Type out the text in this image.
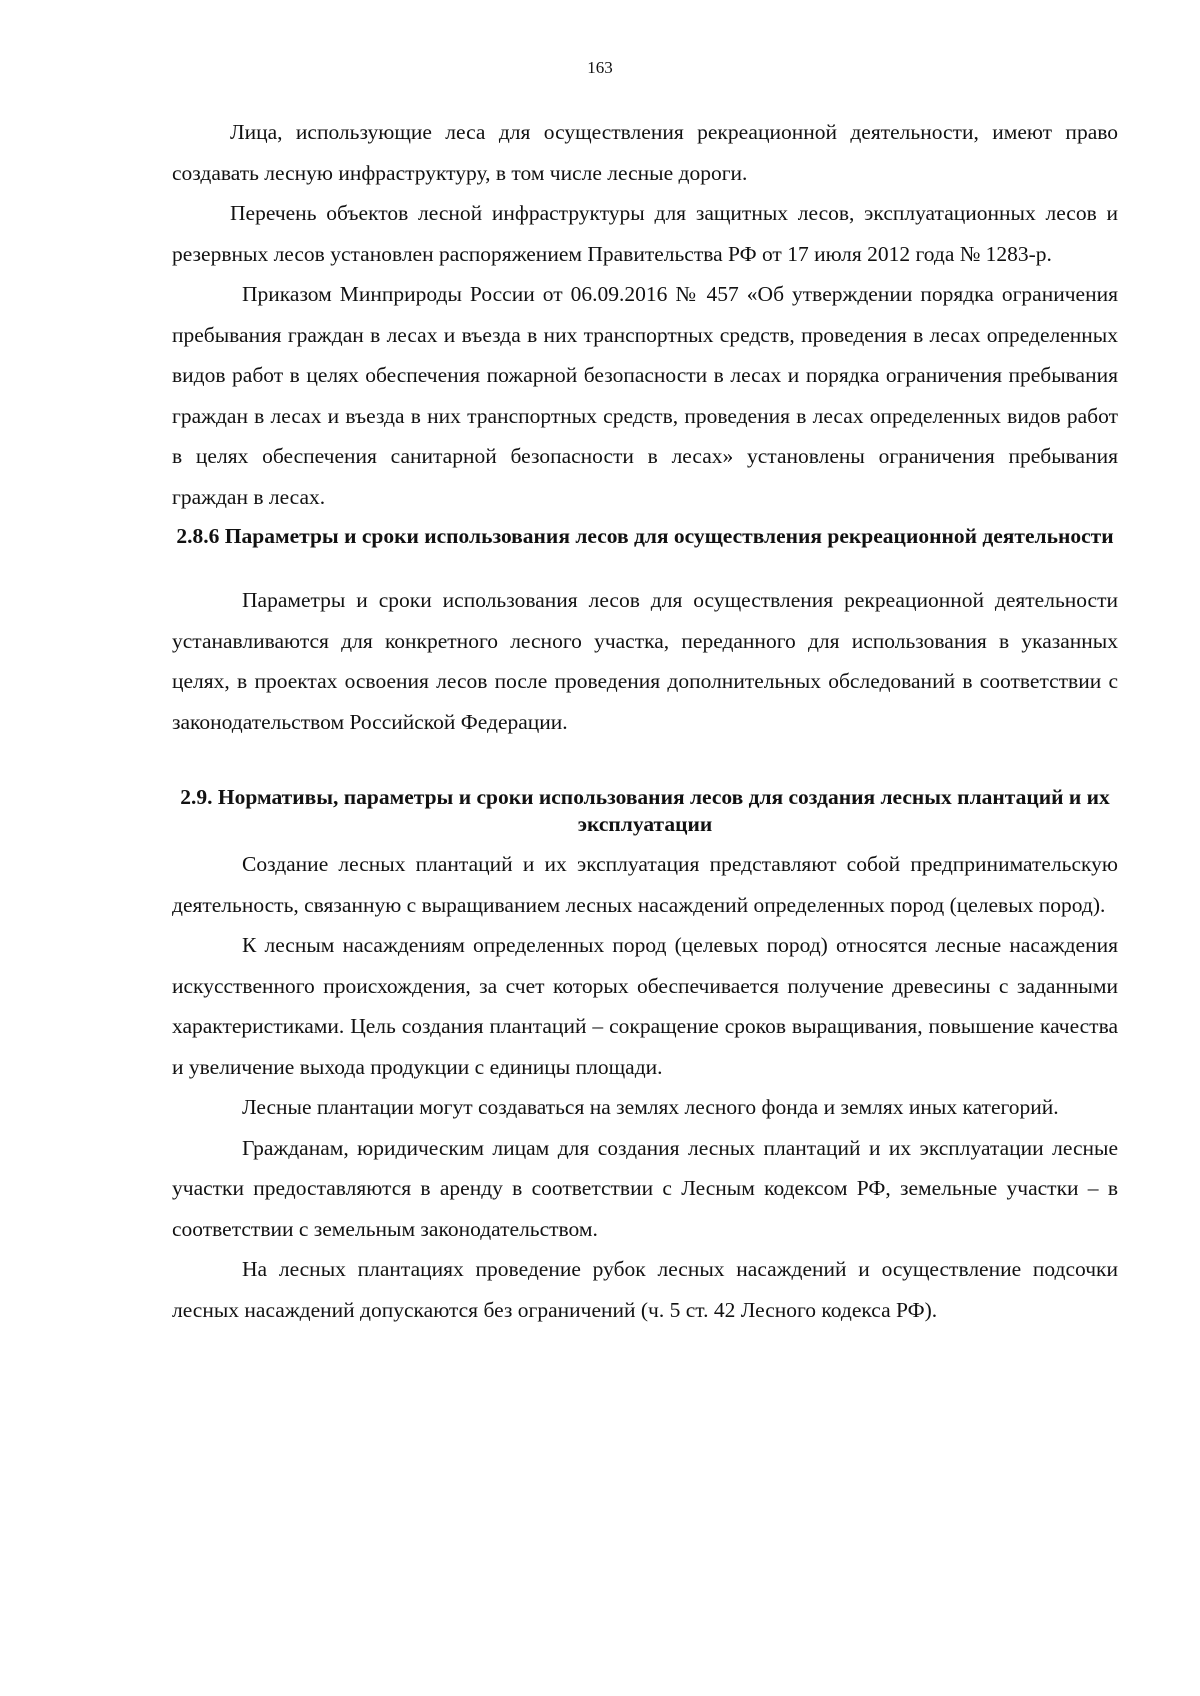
163

Лица, использующие леса для осуществления рекреационной деятельности, имеют право создавать лесную инфраструктуру, в том числе лесные дороги.

Перечень объектов лесной инфраструктуры для защитных лесов, эксплуатационных лесов и резервных лесов установлен распоряжением Правительства РФ от 17 июля 2012 года № 1283-р.

Приказом Минприроды России от 06.09.2016 № 457 «Об утверждении порядка ограничения пребывания граждан в лесах и въезда в них транспортных средств, проведения в лесах определенных видов работ в целях обеспечения пожарной безопасности в лесах и порядка ограничения пребывания граждан в лесах и въезда в них транспортных средств, проведения в лесах определенных видов работ в целях обеспечения санитарной безопасности в лесах» установлены ограничения пребывания граждан в лесах.

2.8.6 Параметры и сроки использования лесов для осуществления рекреационной деятельности

Параметры и сроки использования лесов для осуществления рекреационной деятельности устанавливаются для конкретного лесного участка, переданного для использования в указанных целях, в проектах освоения лесов после проведения дополнительных обследований в соответствии с законодательством Российской Федерации.

2.9. Нормативы, параметры и сроки использования лесов для создания лесных плантаций и их эксплуатации

Создание лесных плантаций и их эксплуатация представляют собой предпринимательскую деятельность, связанную с выращиванием лесных насаждений определенных пород (целевых пород).

К лесным насаждениям определенных пород (целевых пород) относятся лесные насаждения искусственного происхождения, за счет которых обеспечивается получение древесины с заданными характеристиками. Цель создания плантаций – сокращение сроков выращивания, повышение качества и увеличение выхода продукции с единицы площади.

Лесные плантации могут создаваться на землях лесного фонда и землях иных категорий.

Гражданам, юридическим лицам для создания лесных плантаций и их эксплуатации лесные участки предоставляются в аренду в соответствии с Лесным кодексом РФ, земельные участки – в соответствии с земельным законодательством.

На лесных плантациях проведение рубок лесных насаждений и осуществление подсочки лесных насаждений допускаются без ограничений (ч. 5 ст. 42 Лесного кодекса РФ).
